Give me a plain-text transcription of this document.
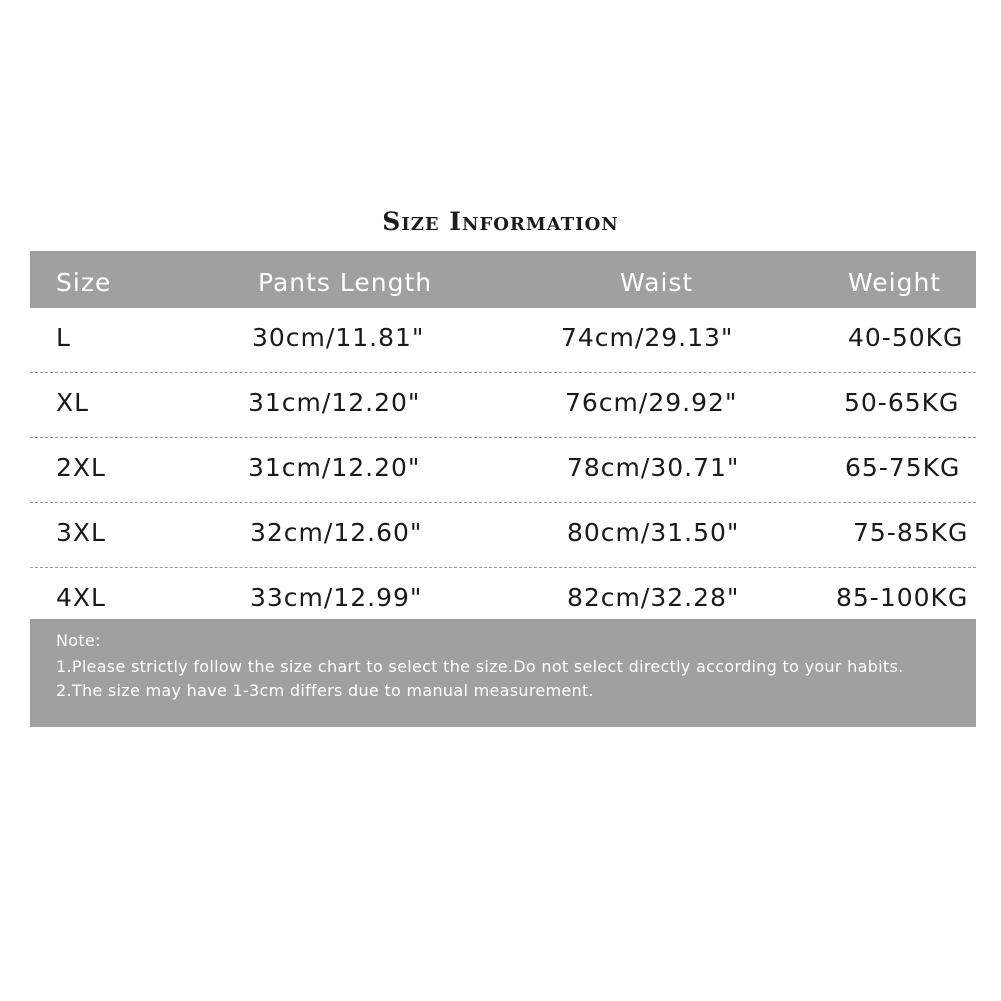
Size Information
Size	Pants Length	Waist	Weight
L	30cm/11.81"	74cm/29.13"	40-50KG
XL	31cm/12.20"	76cm/29.92"	50-65KG
2XL	31cm/12.20"	78cm/30.71"	65-75KG
3XL	32cm/12.60"	80cm/31.50"	75-85KG
4XL	33cm/12.99"	82cm/32.28"	85-100KG
Note:
1.Please strictly follow the size chart to select the size.Do not select directly according to your habits.
2.The size may have 1-3cm differs due to manual measurement.
